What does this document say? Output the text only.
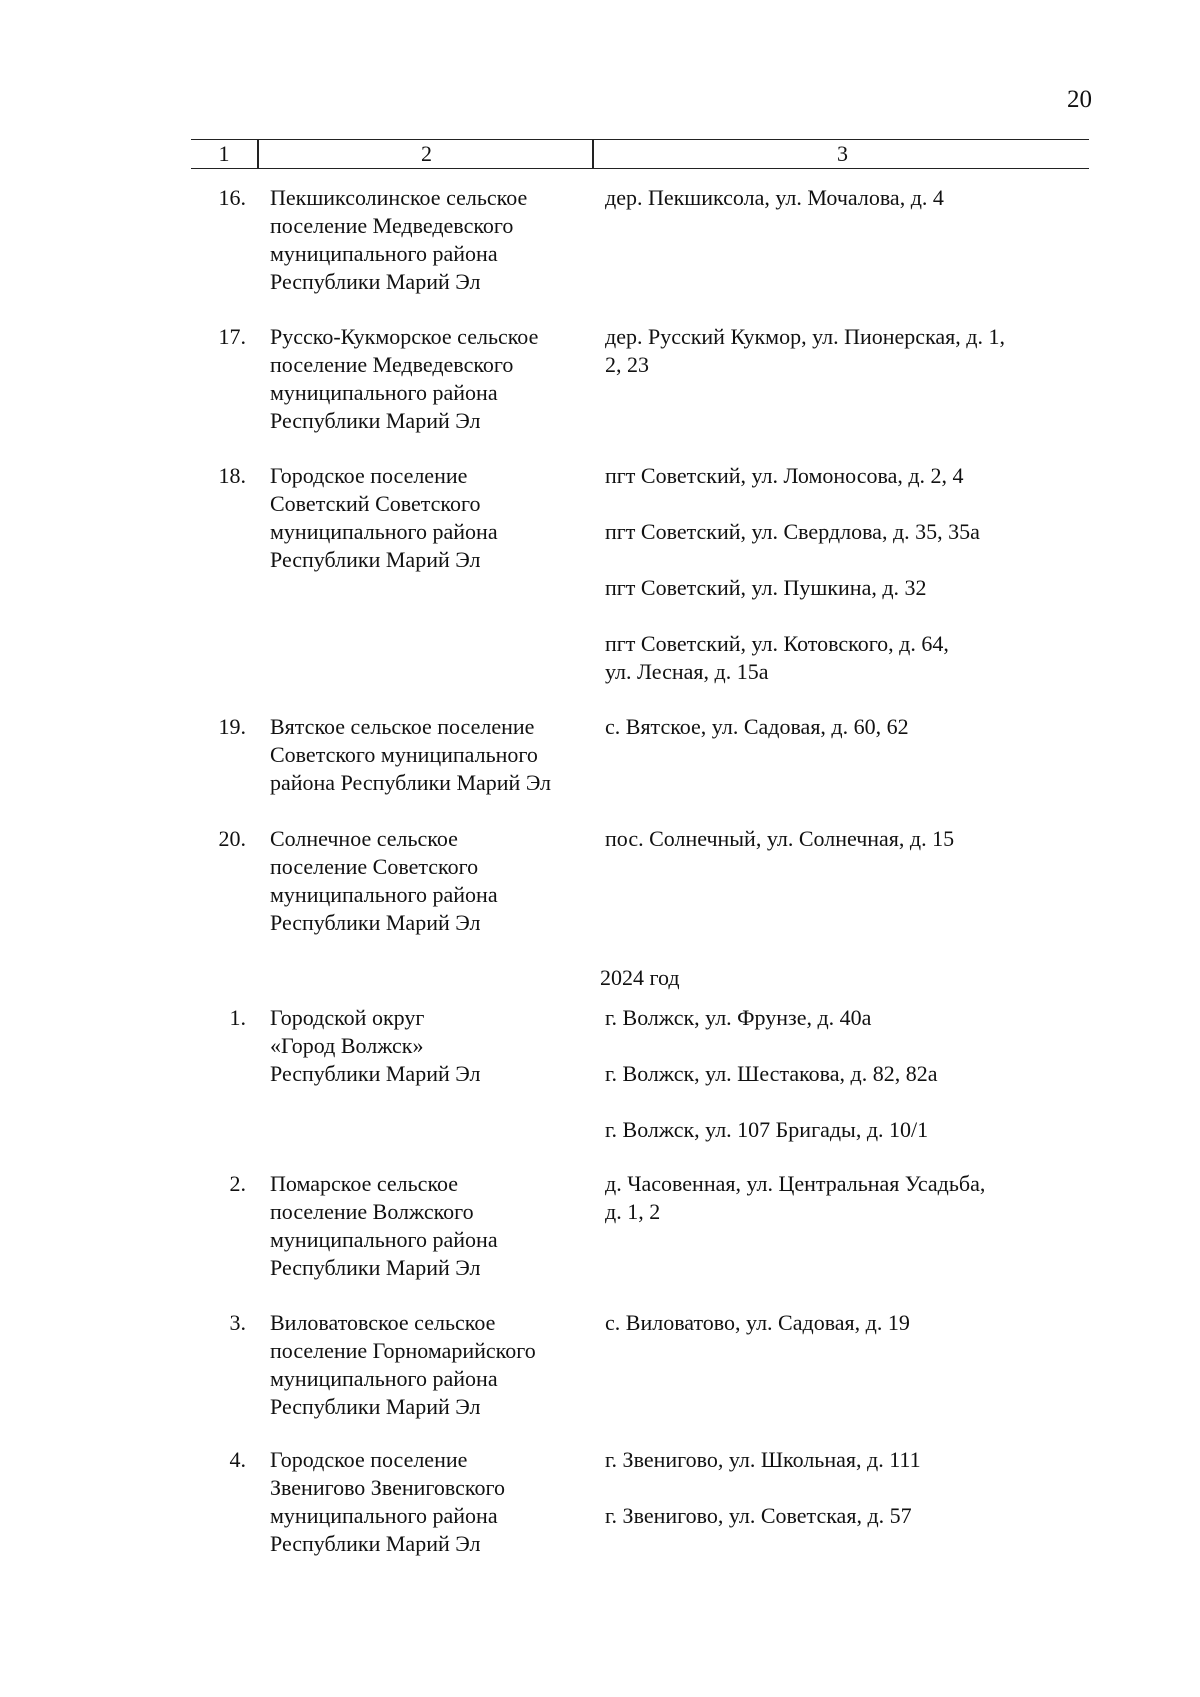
20
1	2	3
16. Пекшиксолинское сельское
поселение Медведевского
муниципального района
Республики Марий Эл
дер. Пекшиксола, ул. Мочалова, д. 4
17. Русско-Кукморское сельское
поселение Медведевского
муниципального района
Республики Марий Эл
дер. Русский Кукмор, ул. Пионерская, д. 1,
2, 23
18. Городское поселение
Советский Советского
муниципального района
Республики Марий Эл
пгт Советский, ул. Ломоносова, д. 2, 4
пгт Советский, ул. Свердлова, д. 35, 35а
пгт Советский, ул. Пушкина, д. 32
пгт Советский, ул. Котовского, д. 64,
ул. Лесная, д. 15а
19. Вятское сельское поселение
Советского муниципального
района Республики Марий Эл
с. Вятское, ул. Садовая, д. 60, 62
20. Солнечное сельское
поселение Советского
муниципального района
Республики Марий Эл
пос. Солнечный, ул. Солнечная, д. 15
2024 год
1. Городской округ
«Город Волжск»
Республики Марий Эл
г. Волжск, ул. Фрунзе, д. 40а
г. Волжск, ул. Шестакова, д. 82, 82а
г. Волжск, ул. 107 Бригады, д. 10/1
2. Помарское сельское
поселение Волжского
муниципального района
Республики Марий Эл
д. Часовенная, ул. Центральная Усадьба,
д. 1, 2
3. Виловатовское сельское
поселение Горномарийского
муниципального района
Республики Марий Эл
с. Виловатово, ул. Садовая, д. 19
4. Городское поселение
Звенигово Звениговского
муниципального района
Республики Марий Эл
г. Звенигово, ул. Школьная, д. 111
г. Звенигово, ул. Советская, д. 57
